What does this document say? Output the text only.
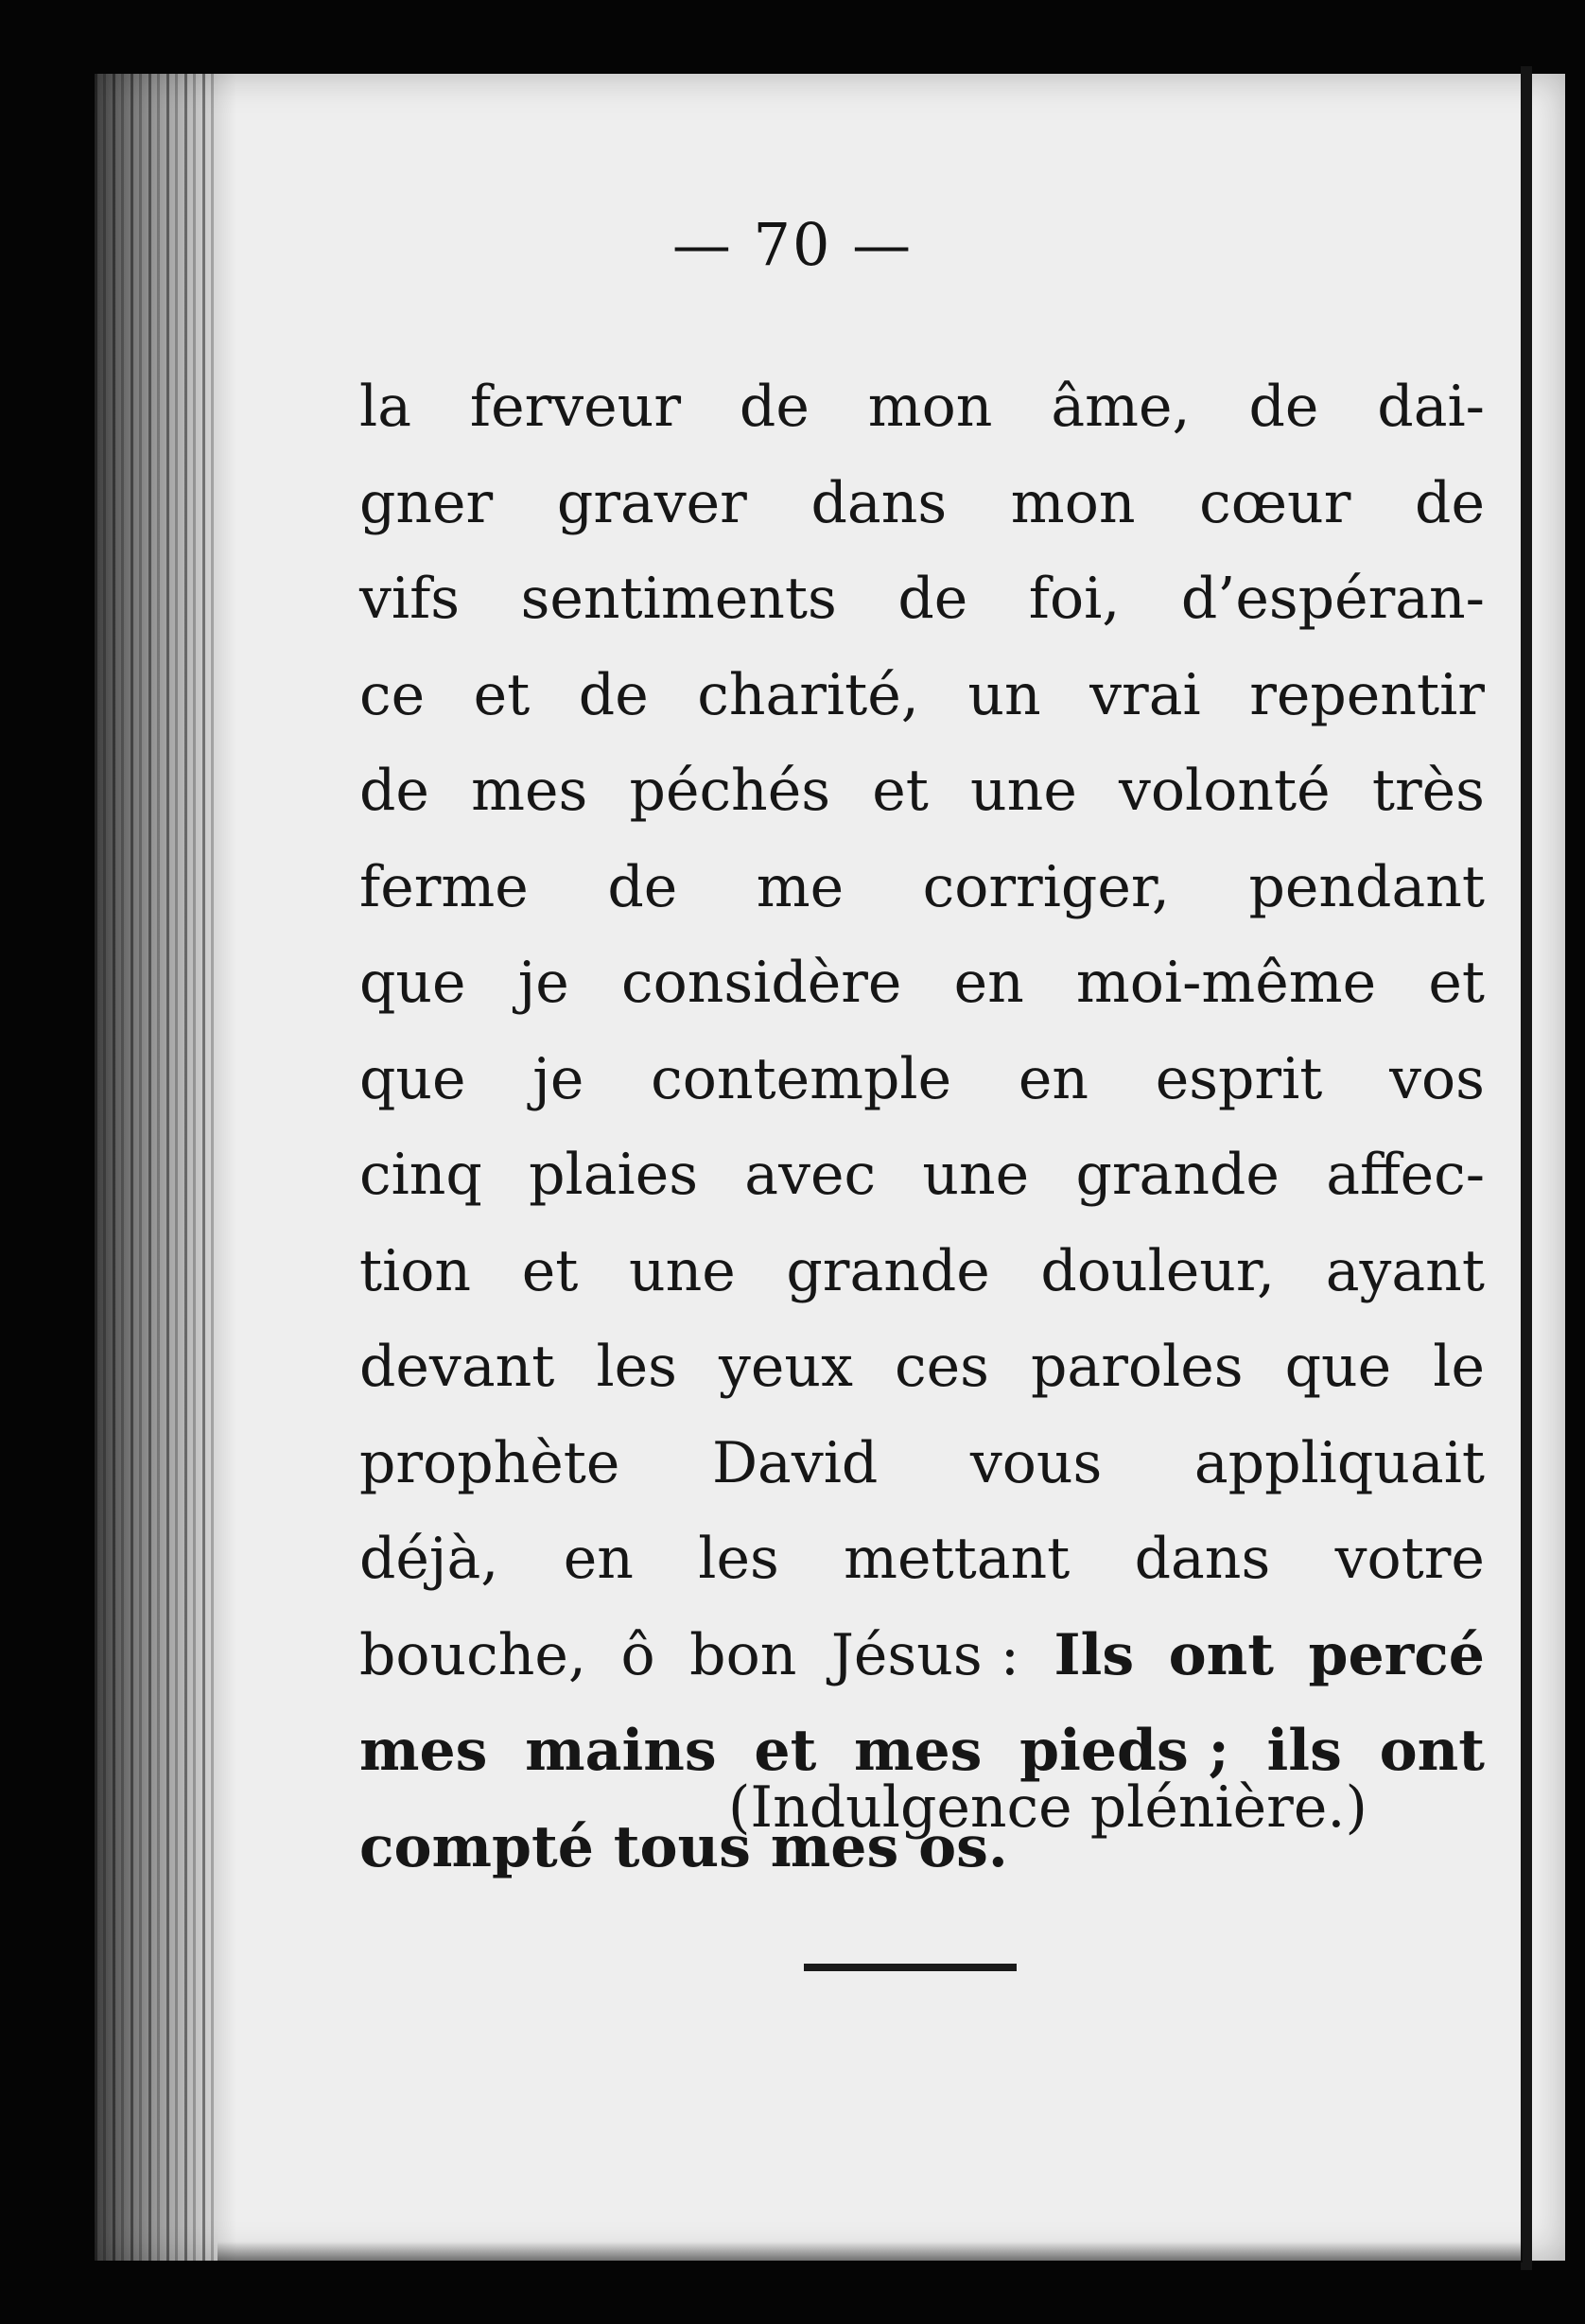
— 70 —
la ferveur de mon âme, de dai-
gner graver dans mon cœur de
vifs sentiments de foi, d’espéran-
ce et de charité, un vrai repentir
de mes péchés et une volonté très
ferme de me corriger, pendant
que je considère en moi-même et
que je contemple en esprit vos
cinq plaies avec une grande affec-
tion et une grande douleur, ayant
devant les yeux ces paroles que le
prophète David vous appliquait
déjà, en les mettant dans votre
bouche, ô bon Jésus : Ils ont percé
mes mains et mes pieds ; ils ont
compté tous mes os.
(Indulgence plénière.)
